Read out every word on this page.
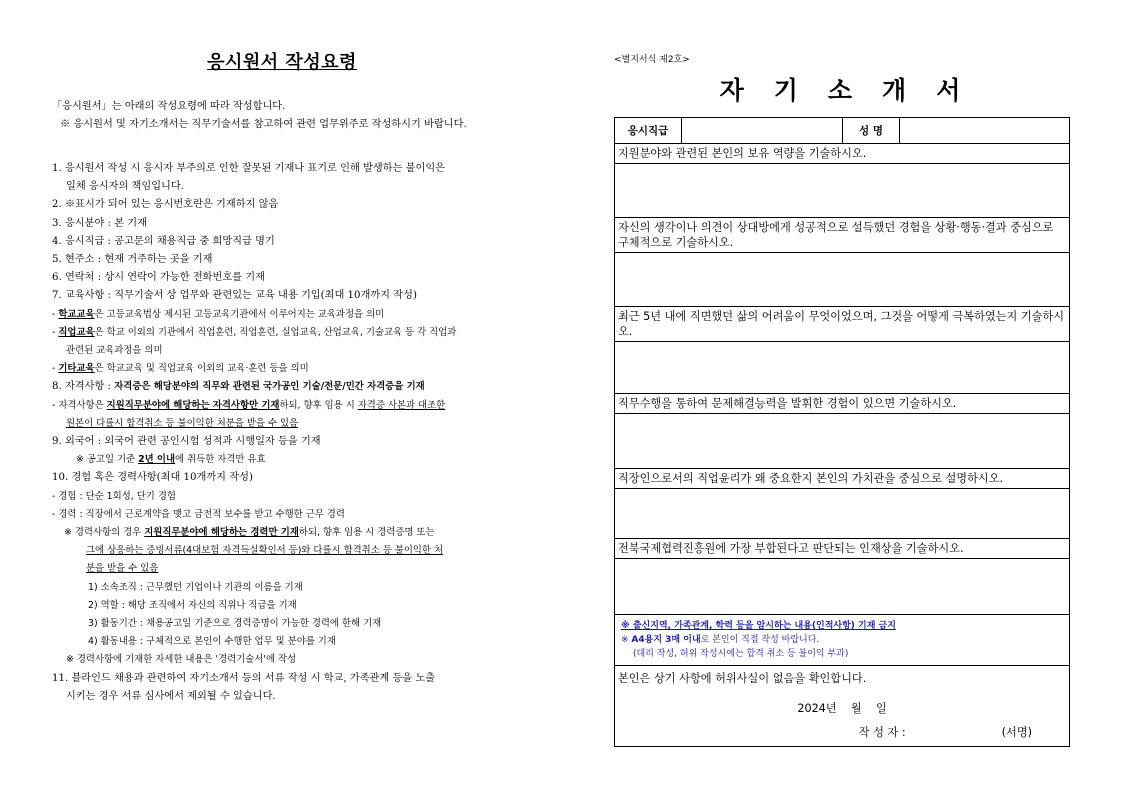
응시원서 작성요령

「응시원서」는 아래의 작성요령에 따라 작성합니다.

※ 응시원서 및 자기소개서는 직무기술서를 참고하여 관련 업무위주로 작성하시기 바랍니다.

1. 응시원서 작성 시 응시자 부주의로 인한 잘못된 기재나 표기로 인해 발생하는 불이익은
일체 응시자의 책임입니다.
2. ※표시가 되어 있는 응시번호란은 기재하지 않음
3. 응시분야 : 본 기재
4. 응시직급 : 공고문의 채용직급 중 희망직급 명기
5. 현주소 : 현재 거주하는 곳을 기재
6. 연락처 : 상시 연락이 가능한 전화번호를 기재
7. 교육사항 : 직무기술서 상 업무와 관련있는 교육 내용 기입(최대 10개까지 작성)
- 학교교육은 고등교육법상 제시된 고등교육기관에서 이루어지는 교육과정을 의미
- 직업교육은 학교 이외의 기관에서 직업훈련, 직업훈련, 실업교육, 산업교육, 기술교육 등 각 직업과
관련된 교육과정을 의미
- 기타교육은 학교교육 및 직업교육 이외의 교육·훈련 등을 의미
8. 자격사항 : 자격증은 해당분야의 직무와 관련된 국가공인 기술/전문/민간 자격증을 기재
- 자격사항은 지원직무분야에 해당하는 자격사항만 기재하되, 향후 임용 시 자격증 사본과 대조한
원본이 다를시 합격취소 등 불이익한 처분을 받을 수 있음
9. 외국어 : 외국어 관련 공인시험 성적과 시행일자 등을 기재
※ 공고일 기준 2년 이내에 취득한 자격만 유효
10. 경험 혹은 경력사항(최대 10개까지 작성)
- 경험 : 단순 1회성, 단기 경험
- 경력 : 직장에서 근로계약을 맺고 금전적 보수를 받고 수행한 근무 경력
※ 경력사항의 경우 지원직무분야에 해당하는 경력만 기재하되, 향후 임용 시 경력증명 또는
그에 상응하는 증빙서류(4대보험 자격득실확인서 등)와 다를시 합격취소 등 불이익한 처
분을 받을 수 있음
1) 소속조직 : 근무했던 기업이나 기관의 이름을 기재
2) 역할 : 해당 조직에서 자신의 직위나 직급을 기재
3) 활동기간 : 채용공고일 기준으로 경력증명이 가능한 경력에 한해 기재
4) 활동내용 : 구체적으로 본인이 수행한 업무 및 분야를 기재
※ 경력사항에 기재한 자세한 내용은 '경력기술서'에 작성
11. 블라인드 채용과 관련하여 자기소개서 등의 서류 작성 시 학교, 가족관계 등을 노출
시키는 경우 서류 심사에서 제외될 수 있습니다.

<별지서식 제2호>

자기소개서
응시직급	성 명
지원분야와 관련된 본인의 보유 역량을 기술하시오.
자신의 생각이나 의견이 상대방에게 성공적으로 설득했던 경험을 상황·행동·결과 중심으로 구체적으로 기술하시오.
최근 5년 내에 직면했던 삶의 어려움이 무엇이었으며, 그것을 어떻게 극복하였는지 기술하시오.
직무수행을 통하여 문제해결능력을 발휘한 경험이 있으면 기술하시오.
직장인으로서의 직업윤리가 왜 중요한지 본인의 가치관을 중심으로 설명하시오.
전북국제협력진흥원에 가장 부합된다고 판단되는 인재상을 기술하시오.
※ 출신지역, 가족관계, 학력 등을 암시하는 내용(인적사항) 기재 금지
※ A4용지 3매 이내로 본인이 직접 작성 바랍니다.
(대리 작성, 허위 작성시에는 합격 취소 등 불이익 부과)
본인은 상기 사항에 허위사실이 없음을 확인합니다.
2024년    월    일
작 성 자 :	(서명)
